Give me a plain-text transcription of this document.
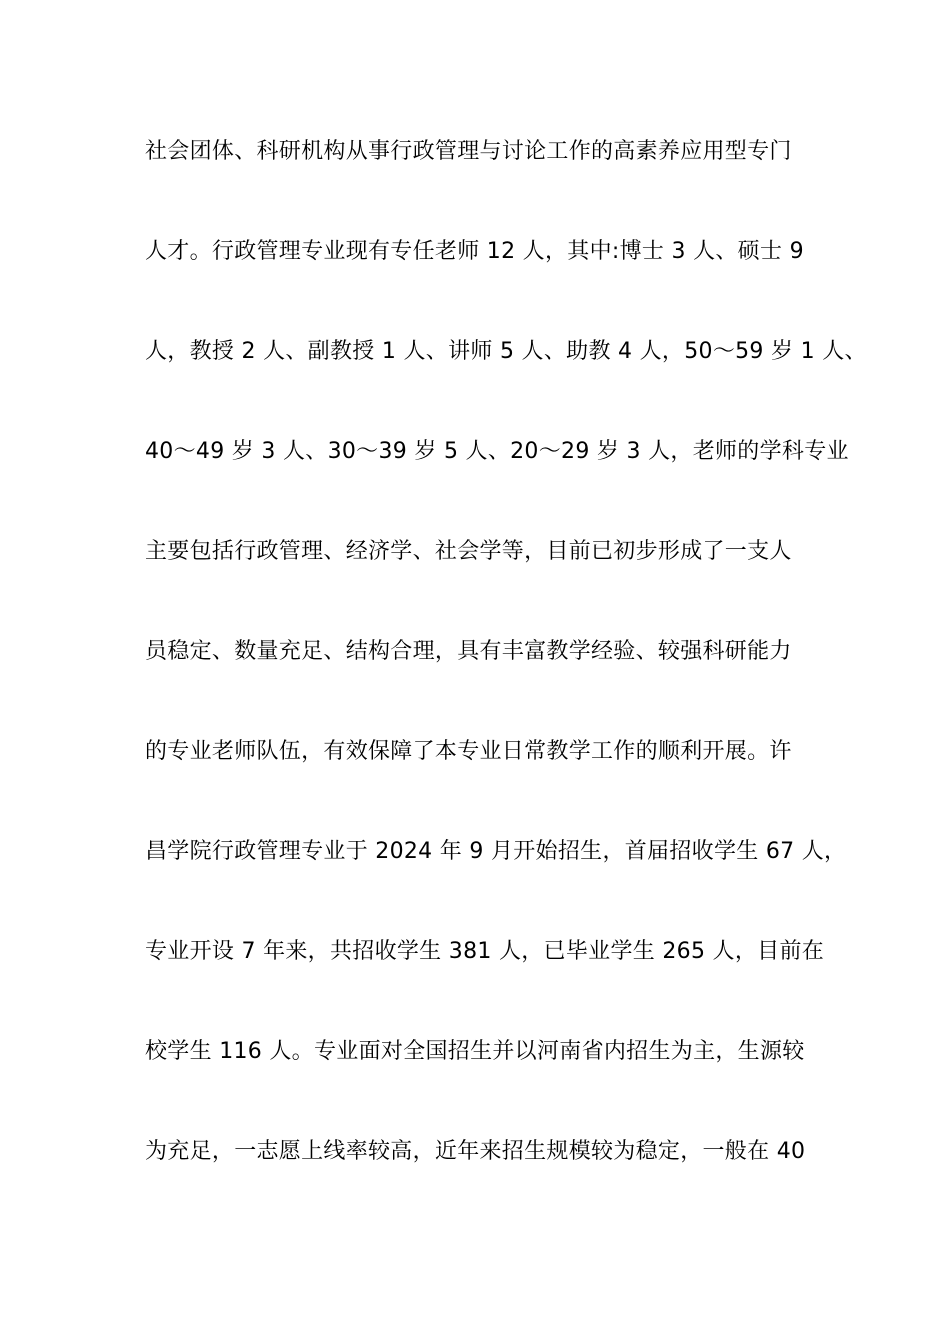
社会团体、科研机构从事行政管理与讨论工作的高素养应用型专门
人才。行政管理专业现有专任老师 12 人，其中:博士 3 人、硕士 9
人，教授 2 人、副教授 1 人、讲师 5 人、助教 4 人，50～59 岁 1 人、
40～49 岁 3 人、30～39 岁 5 人、20～29 岁 3 人，老师的学科专业
主要包括行政管理、经济学、社会学等，目前已初步形成了一支人
员稳定、数量充足、结构合理，具有丰富教学经验、较强科研能力
的专业老师队伍，有效保障了本专业日常教学工作的顺利开展。许
昌学院行政管理专业于 2024 年 9 月开始招生，首届招收学生 67 人，
专业开设 7 年来，共招收学生 381 人，已毕业学生 265 人，目前在
校学生 116 人。专业面对全国招生并以河南省内招生为主，生源较
为充足，一志愿上线率较高，近年来招生规模较为稳定，一般在 40
